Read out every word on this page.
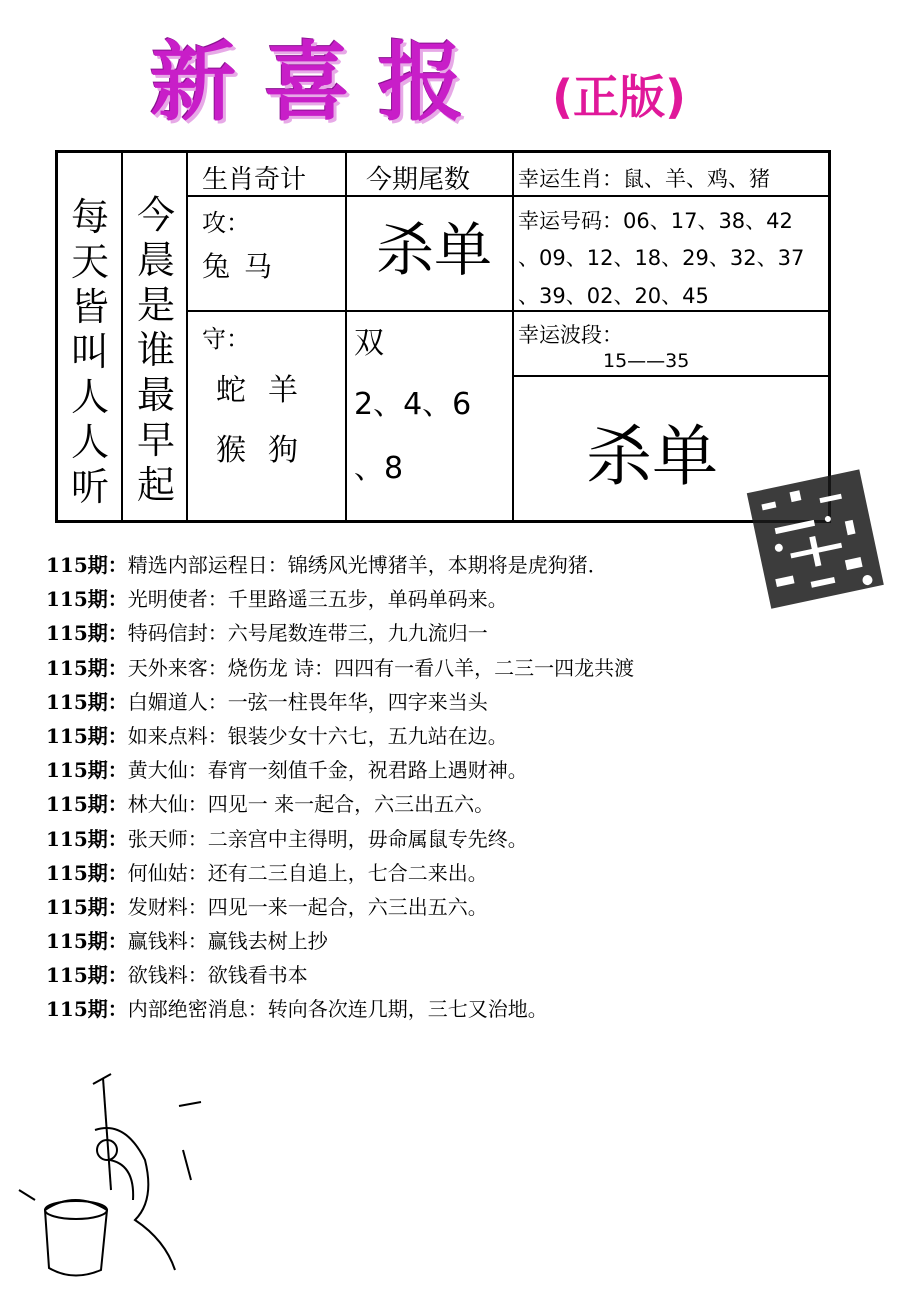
新喜报 (正版)
每天皆叫人人听
今晨是谁最早起
生肖奇计 今期尾数 幸运生肖：鼠、羊、鸡、猪
攻：
兔马 杀单 幸运号码：06、17、38、42
、09、12、18、29、32、37
、39、02、20、45
守：
蛇羊
猴狗
双
2、4、6
、8
幸运波段：
15——35
杀单
115期：精选内部运程日：锦绣风光博猪羊，本期将是虎狗猪．
115期：光明使者：千里路遥三五步，单码单码来。
115期：特码信封：六号尾数连带三，九九流归一
115期：天外来客：烧伤龙 诗：四四有一看八羊，二三一四龙共渡
115期：白媚道人：一弦一柱畏年华，四字来当头
115期：如来点料：银装少女十六七，五九站在边。
115期：黄大仙：春宵一刻值千金，祝君路上遇财神。
115期：林大仙：四见一 来一起合，六三出五六。
115期：张天师：二亲宫中主得明，毋命属鼠专先终。
115期：何仙姑：还有二三自追上，七合二来出。
115期：发财料：四见一来一起合，六三出五六。
115期：赢钱料：赢钱去树上抄
115期：欲钱料：欲钱看书本
115期：内部绝密消息：转向各次连几期，三七又治地。
